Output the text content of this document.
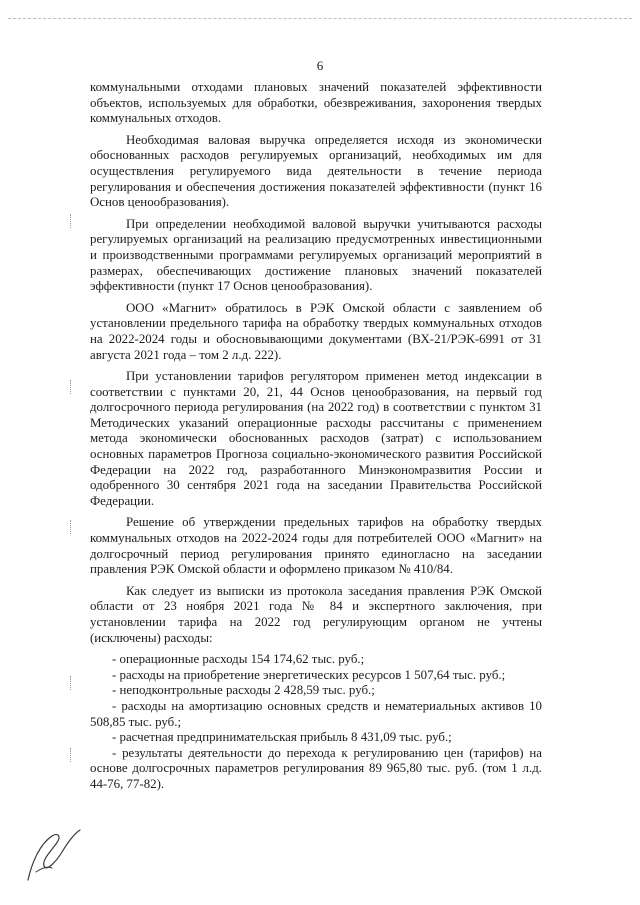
6

коммунальными отходами плановых значений показателей эффективности объектов, используемых для обработки, обезвреживания, захоронения твердых коммунальных отходов.

Необходимая валовая выручка определяется исходя из экономически обоснованных расходов регулируемых организаций, необходимых им для осуществления регулируемого вида деятельности в течение периода регулирования и обеспечения достижения показателей эффективности (пункт 16 Основ ценообразования).

При определении необходимой валовой выручки учитываются расходы регулируемых организаций на реализацию предусмотренных инвестиционными и производственными программами регулируемых организаций мероприятий в размерах, обеспечивающих достижение плановых значений показателей эффективности (пункт 17 Основ ценообразования).

ООО «Магнит» обратилось в РЭК Омской области с заявлением об установлении предельного тарифа на обработку твердых коммунальных отходов на 2022-2024 годы и обосновывающими документами (ВХ-21/РЭК-6991 от 31 августа 2021 года – том 2 л.д. 222).

При установлении тарифов регулятором применен метод индексации в соответствии с пунктами 20, 21, 44 Основ ценообразования, на первый год долгосрочного периода регулирования (на 2022 год) в соответствии с пунктом 31 Методических указаний операционные расходы рассчитаны с применением метода экономически обоснованных расходов (затрат) с использованием основных параметров Прогноза социально-экономического развития Российской Федерации на 2022 год, разработанного Минэкономразвития России и одобренного 30 сентября 2021 года на заседании Правительства Российской Федерации.

Решение об утверждении предельных тарифов на обработку твердых коммунальных отходов на 2022-2024 годы для потребителей ООО «Магнит» на долгосрочный период регулирования принято единогласно на заседании правления РЭК Омской области и оформлено приказом № 410/84.

Как следует из выписки из протокола заседания правления РЭК Омской области от 23 ноября 2021 года № 84 и экспертного заключения, при установлении тарифа на 2022 год регулирующим органом не учтены (исключены) расходы:

- операционные расходы 154 174,62 тыс. руб.;

- расходы на приобретение энергетических ресурсов 1 507,64 тыс. руб.;

- неподконтрольные расходы 2 428,59 тыс. руб.;

- расходы на амортизацию основных средств и нематериальных активов 10 508,85 тыс. руб.;

- расчетная предпринимательская прибыль 8 431,09 тыс. руб.;

- результаты деятельности до перехода к регулированию цен (тарифов) на основе долгосрочных параметров регулирования 89 965,80 тыс. руб. (том 1 л.д. 44-76, 77-82).
